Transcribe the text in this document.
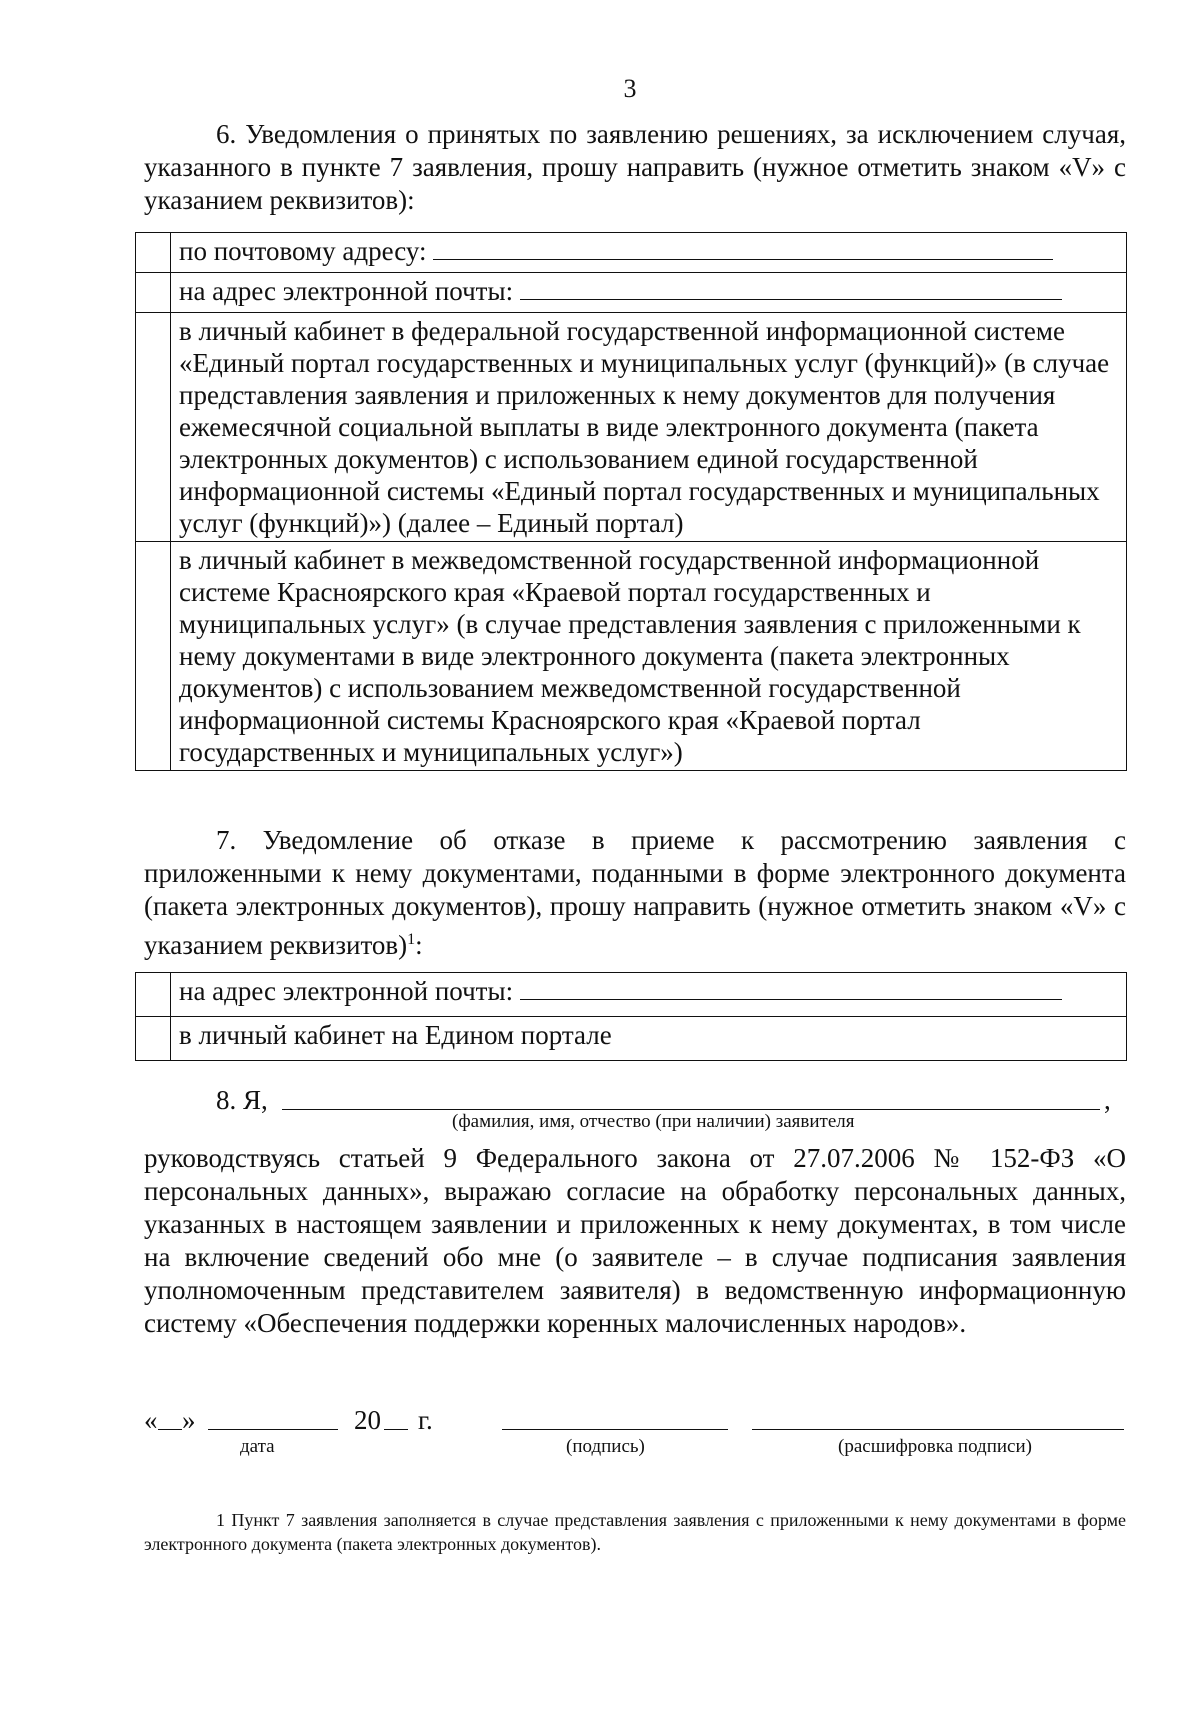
3

6. Уведомления о принятых по заявлению решениях, за исключением случая, указанного в пункте 7 заявления, прошу направить (нужное отметить знаком «V» с указанием реквизитов):

	по почтовому адресу:
	на адрес электронной почты:
	в личный кабинет в федеральной государственной информационной системе «Единый портал государственных и муниципальных услуг (функций)» (в случае представления заявления и приложенных к нему документов для получения ежемесячной социальной выплаты в виде электронного документа (пакета электронных документов) с использованием единой государственной информационной системы «Единый портал государственных и муниципальных услуг (функций)») (далее – Единый портал)
	в личный кабинет в межведомственной государственной информационной системе Красноярского края «Краевой портал государственных и муниципальных услуг» (в случае представления заявления с приложенными к нему документами в виде электронного документа (пакета электронных документов) с использованием межведомственной государственной информационной системы Красноярского края «Краевой портал государственных и муниципальных услуг»)

7. Уведомление об отказе в приеме к рассмотрению заявления с приложенными к нему документами, поданными в форме электронного документа (пакета электронных документов), прошу направить (нужное отметить знаком «V» с указанием реквизитов)$^1$:

	на адрес электронной почты:
	в личный кабинет на Едином портале
8. Я,	,
(фамилия, имя, отчество (при наличии) заявителя

руководствуясь статьей 9 Федерального закона от 27.07.2006 № 152-ФЗ «О персональных данных», выражаю согласие на обработку персональных данных, указанных в настоящем заявлении и приложенных к нему документах, в том числе на включение сведений обо мне (о заявителе – в случае подписания заявления уполномоченным представителем заявителя) в ведомственную информационную систему «Обеспечения поддержки коренных малочисленных народов».

« »	20 г.
дата	(подпись)	(расшифровка подписи)
1 Пункт 7 заявления заполняется в случае представления заявления с приложенными к нему документами в форме электронного документа (пакета электронных документов).
